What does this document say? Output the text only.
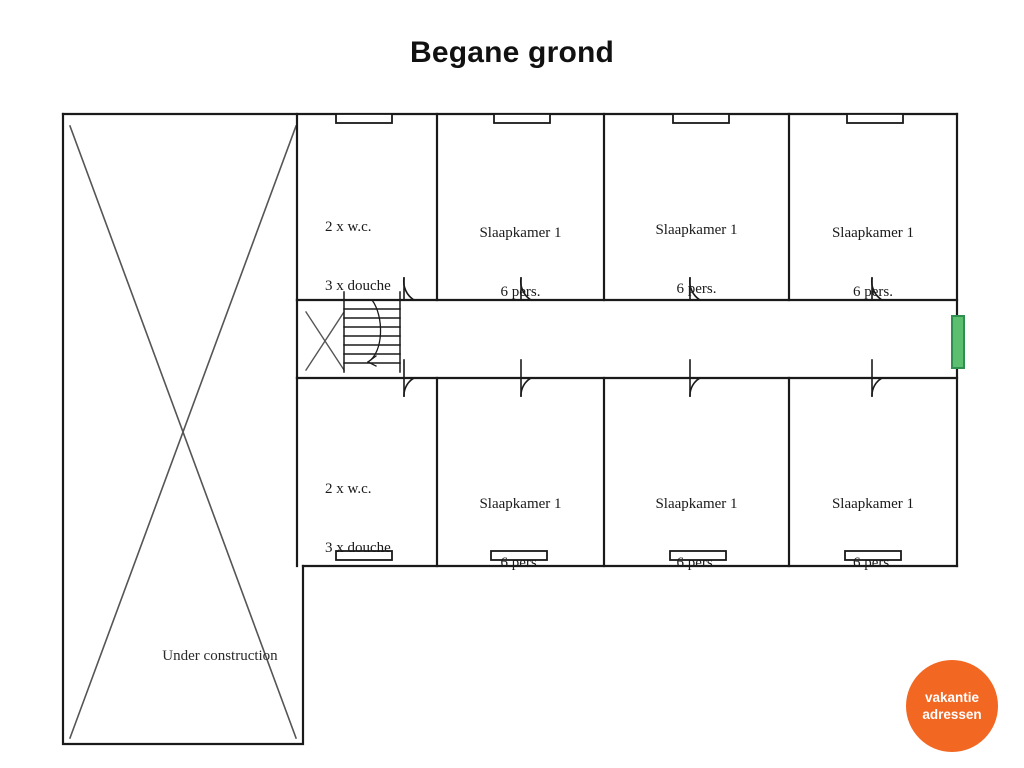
Begane grond

2 x w.c.

3 x douche

Slaapkamer 1

6 pers.

Slaapkamer 1

6 pers.

Slaapkamer 1

6 pers.

2 x w.c.

3 x douche

Slaapkamer 1

6 pers.

Slaapkamer 1

6 pers.

Slaapkamer 1

6 pers.

Under construction
vakantie
adressen
